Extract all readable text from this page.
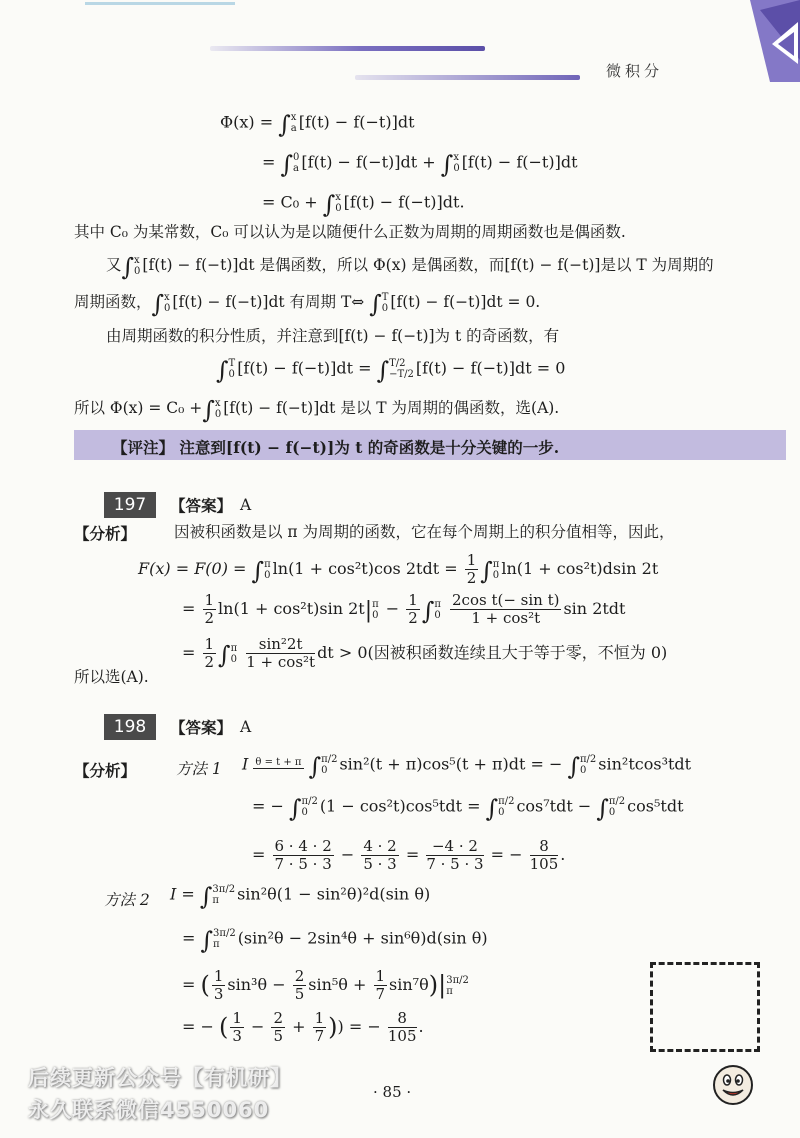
微积分
Φ(x) = ∫ x
a [f(t) − f(−t)]dt
= ∫ 0
a [f(t) − f(−t)]dt + ∫ x
0 [f(t) − f(−t)]dt
= C₀ + ∫ x
0 [f(t) − f(−t)]dt.
其中 C₀ 为某常数，C₀ 可以认为是以随便什么正数为周期的周期函数也是偶函数.
又∫ x
0 [f(t) − f(−t)]dt 是偶函数，所以 Φ(x) 是偶函数，而[f(t) − f(−t)]是以 T 为周期的
周期函数，∫ x
0 [f(t) − f(−t)]dt 有周期 T⇔ ∫ T
0 [f(t) − f(−t)]dt = 0.
由周期函数的积分性质，并注意到[f(t) − f(−t)]为 t 的奇函数，有
∫ T
0 [f(t) − f(−t)]dt = ∫ T/2
−T/2 [f(t) − f(−t)]dt = 0
所以 Φ(x) = C₀ +∫ x
0 [f(t) − f(−t)]dt 是以 T 为周期的偶函数，选(A).
【评注】 注意到[f(t) − f(−t)]为 t 的奇函数是十分关键的一步.
197	【答案】 A
【分析】 因被积函数是以 π 为周期的函数，它在每个周期上的积分值相等，因此，
F(x) = F(0) = ∫ π
0 ln(1 + cos²t)cos $2tdt = \frac{1}{2}$ ∫ π
0 ln(1 + cos²t)dsin 2t
= $\frac{1}{2} \ln(1 + \cos^2t)\sin$ 2t| π
$0 - \frac{1}{2}$ ∫ π
0
$\frac{\text{2cos t(− sin t)}}{\text{1 + cos²t}}$ sin 2tdt
= $\frac{1}{2}$ ∫ π
0
$\frac{\text{sin²2t}}{\text{1 + cos²t}}$ dt > 0(因被积函数连续且大于等于零，不恒为 0)
所以选(A).
198	【答案】 A
【分析】	方法 1 I θ = t + π ∫ π/2
0 sin²(t + π)cos⁵(t + π)dt = − ∫ π/2
0 sin²tcos³tdt
= − ∫ π/2
0 (1 − cos²t)cos⁵tdt = ∫ π/2
0 cos⁷tdt − ∫ π/2
0 cos⁵tdt
= $\frac{6 \cdot 4 \cdot 2}{7 \cdot 5 \cdot 3} - \frac{4 \cdot 2}{5 \cdot 3} = \frac{-4 \cdot 2}{7 \cdot 5 \cdot 3}$ = − $\frac{8}{105}$ .
方法 2 I = ∫ 3π/2
π	sin²θ(1 − sin²θ)²d(sin θ)
= ∫ 3π/2
π	(sin²θ − 2sin⁴θ + sin⁶θ)d(sin θ)
= ( $\frac{1}{3} \sin^3\theta - \frac{2}{5} \sin^5\theta + \frac{1}{7} \sin^7\theta)|$ 3π/2
π
= − ( $\frac{1}{3} - \frac{2}{5} + \frac{1}{7}$ )) = − $\frac{8}{105}$ .
· 85 ·
后续更新公众号【有机研】
永久联系微信4550060
